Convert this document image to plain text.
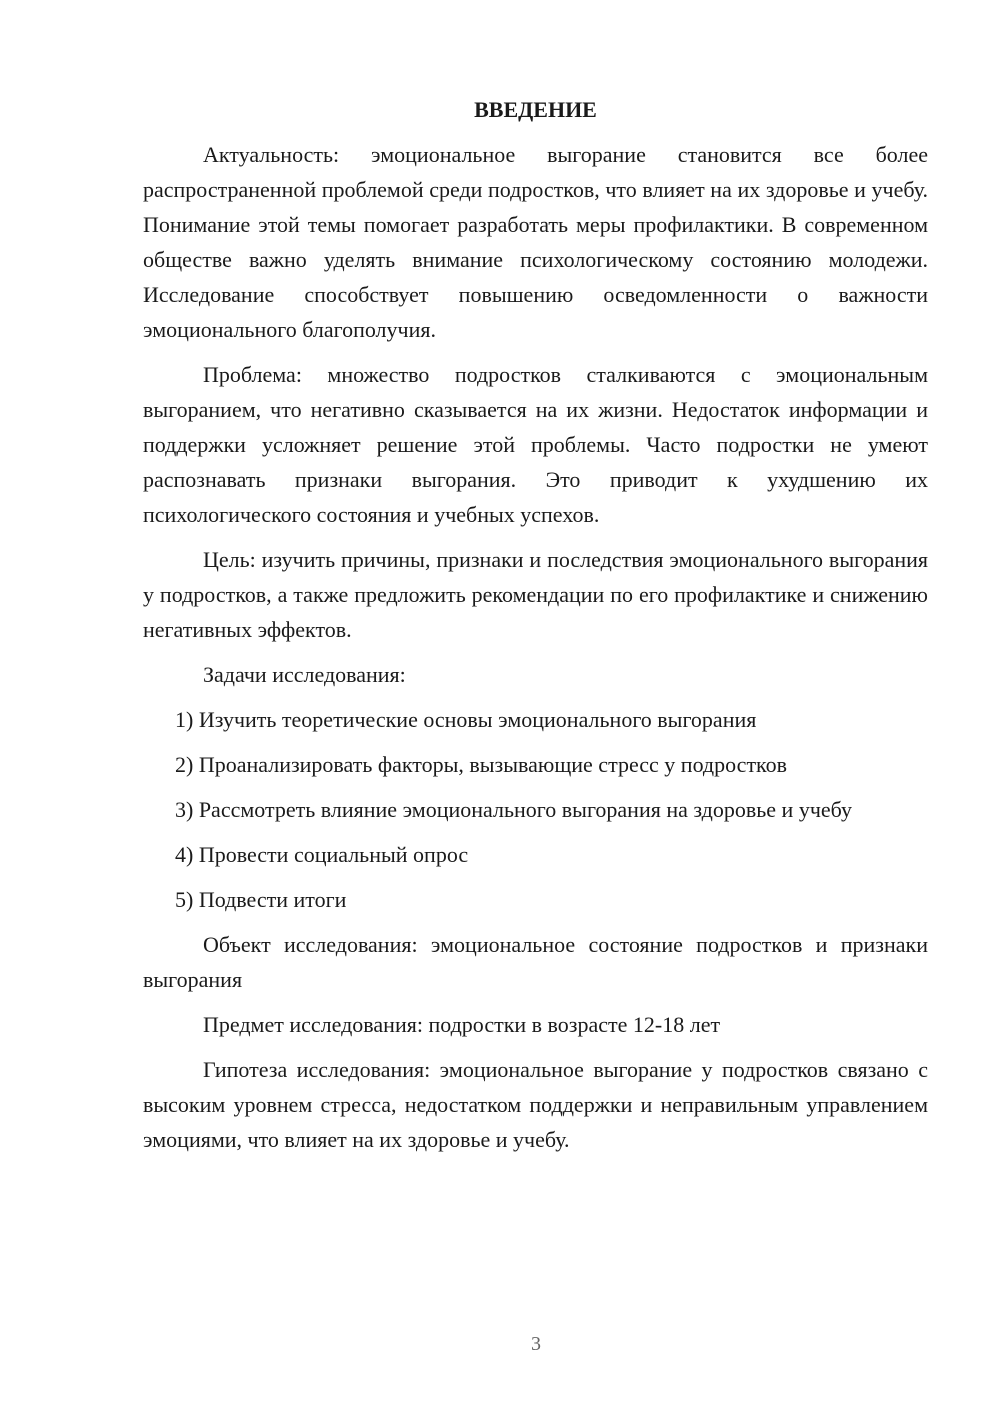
ВВЕДЕНИЕ

Актуальность: эмоциональное выгорание становится все более распространенной проблемой среди подростков, что влияет на их здоровье и учебу. Понимание этой темы помогает разработать меры профилактики. В современном обществе важно уделять внимание психологическому состоянию молодежи. Исследование способствует повышению осведомленности о важности эмоционального благополучия.

Проблема: множество подростков сталкиваются с эмоциональным выгоранием, что негативно сказывается на их жизни. Недостаток информации и поддержки усложняет решение этой проблемы. Часто подростки не умеют распознавать признаки выгорания. Это приводит к ухудшению их психологического состояния и учебных успехов.

Цель: изучить причины, признаки и последствия эмоционального выгорания у подростков, а также предложить рекомендации по его профилактике и снижению негативных эффектов.

Задачи исследования:

1) Изучить теоретические основы эмоционального выгорания

2) Проанализировать факторы, вызывающие стресс у подростков

3) Рассмотреть влияние эмоционального выгорания на здоровье и учебу

4) Провести социальный опрос

5) Подвести итоги

Объект исследования: эмоциональное состояние подростков и признаки выгорания

Предмет исследования: подростки в возрасте 12-18 лет

Гипотеза исследования: эмоциональное выгорание у подростков связано с высоким уровнем стресса, недостатком поддержки и неправильным управлением эмоциями, что влияет на их здоровье и учебу.

3
